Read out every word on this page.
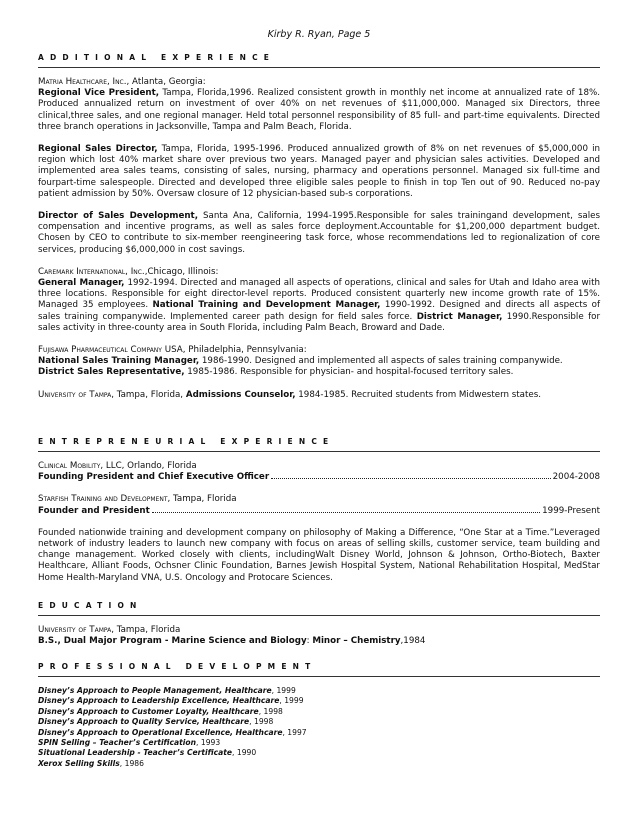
Kirby R. Ryan, Page 5
ADDITIONAL EXPERIENCE

Matria Healthcare, Inc., Atlanta, Georgia:

Regional Vice President, Tampa, Florida,1996. Realized consistent growth in monthly net income at annualized rate of 18%. Produced annualized return on investment of over 40% on net revenues of $11,000,000. Managed six Directors, three clinical,three sales, and one regional manager. Held total personnel responsibility of 85 full- and part-time equivalents. Directed three branch operations in Jacksonville, Tampa and Palm Beach, Florida.

Regional Sales Director, Tampa, Florida, 1995-1996. Produced annualized growth of 8% on net revenues of $5,000,000 in region which lost 40% market share over previous two years. Managed payer and physician sales activities. Developed and implemented area sales teams, consisting of sales, nursing, pharmacy and operations personnel. Managed six full-time and fourpart-time salespeople. Directed and developed three eligible sales people to finish in top Ten out of 90. Reduced no-pay patient admission by 50%. Oversaw closure of 12 physician-based sub-s corporations.

Director of Sales Development, Santa Ana, California, 1994-1995.Responsible for sales trainingand development, sales compensation and incentive programs, as well as sales force deployment.Accountable for $1,200,000 department budget. Chosen by CEO to contribute to six-member reengineering task force, whose recommendations led to regionalization of core services, producing $6,000,000 in cost savings.

Caremark International, Inc.,Chicago, Illinois:

General Manager, 1992-1994. Directed and managed all aspects of operations, clinical and sales for Utah and Idaho area with three locations. Responsible for eight director-level reports. Produced consistent quarterly new income growth rate of 15%. Managed 35 employees. National Training and Development Manager, 1990-1992. Designed and directs all aspects of sales training companywide. Implemented career path design for field sales force. District Manager, 1990.Responsible for sales activity in three-county area in South Florida, including Palm Beach, Broward and Dade.

Fujisawa Pharmaceutical Company USA, Philadelphia, Pennsylvania:

National Sales Training Manager, 1986-1990. Designed and implemented all aspects of sales training companywide.

District Sales Representative, 1985-1986. Responsible for physician- and hospital-focused territory sales.

University of Tampa, Tampa, Florida, Admissions Counselor, 1984-1985. Recruited students from Midwestern states.

ENTREPRENEURIAL EXPERIENCE

Clinical Mobility, LLC, Orlando, Florida

Founding President and Chief Executive Officer	2004-2008

Starfish Training and Development, Tampa, Florida

Founder and President	1999-Present

Founded nationwide training and development company on philosophy of Making a Difference, “One Star at a Time.”Leveraged network of industry leaders to launch new company with focus on areas of selling skills, customer service, team building and change management. Worked closely with clients, includingWalt Disney World, Johnson & Johnson, Ortho-Biotech, Baxter Healthcare, Alliant Foods, Ochsner Clinic Foundation, Barnes Jewish Hospital System, National Rehabilitation Hospital, MedStar Home Health-Maryland VNA, U.S. Oncology and Protocare Sciences.

EDUCATION

University of Tampa, Tampa, Florida

B.S., Dual Major Program - Marine Science and Biology: Minor – Chemistry,1984

PROFESSIONAL DEVELOPMENT

Disney’s Approach to People Management, Healthcare, 1999

Disney’s Approach to Leadership Excellence, Healthcare, 1999

Disney’s Approach to Customer Loyalty, Healthcare, 1998

Disney’s Approach to Quality Service, Healthcare, 1998

Disney’s Approach to Operational Excellence, Healthcare, 1997

SPIN Selling – Teacher’s Certification, 1993

Situational Leadership - Teacher’s Certificate, 1990

Xerox Selling Skills, 1986
